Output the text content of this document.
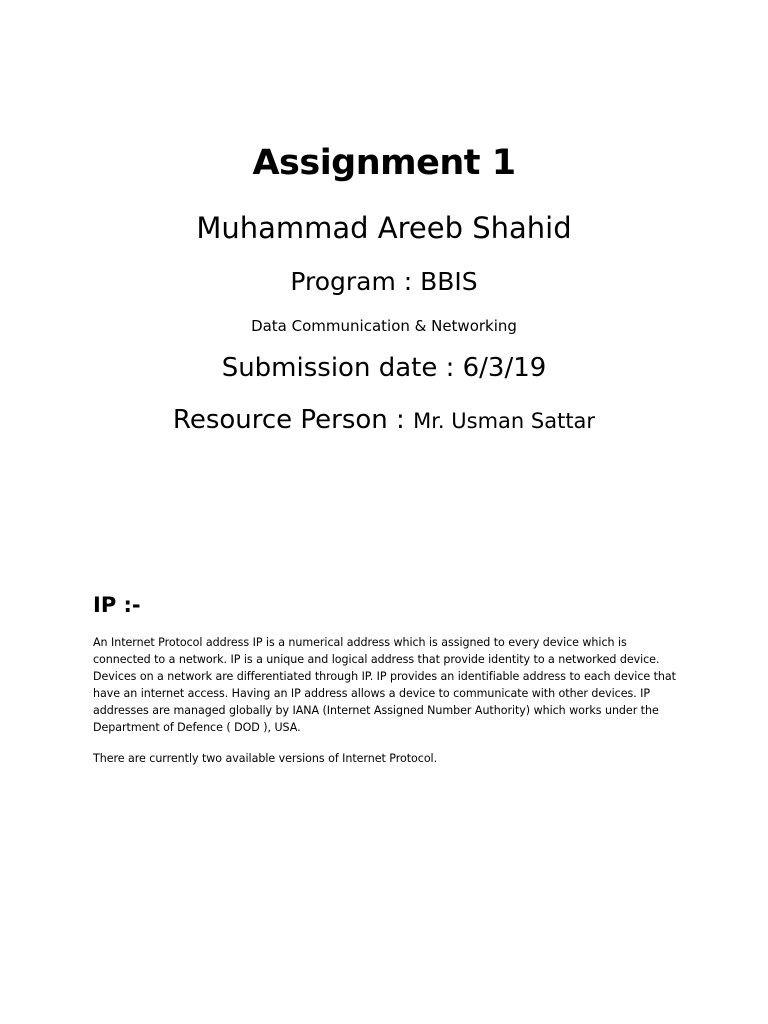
Assignment 1
Muhammad Areeb Shahid
Program : BBIS
Data Communication & Networking
Submission date : 6/3/19
Resource Person : Mr. Usman Sattar
IP :-
An Internet Protocol address IP is a numerical address which is assigned to every device which is connected to a network. IP is a unique and logical address that provide identity to a networked device. Devices on a network are differentiated through IP. IP provides an identifiable address to each device that have an internet access. Having an IP address allows a device to communicate with other devices. IP addresses are managed globally by IANA (Internet Assigned Number Authority) which works under the Department of Defence ( DOD ), USA.
There are currently two available versions of Internet Protocol.
